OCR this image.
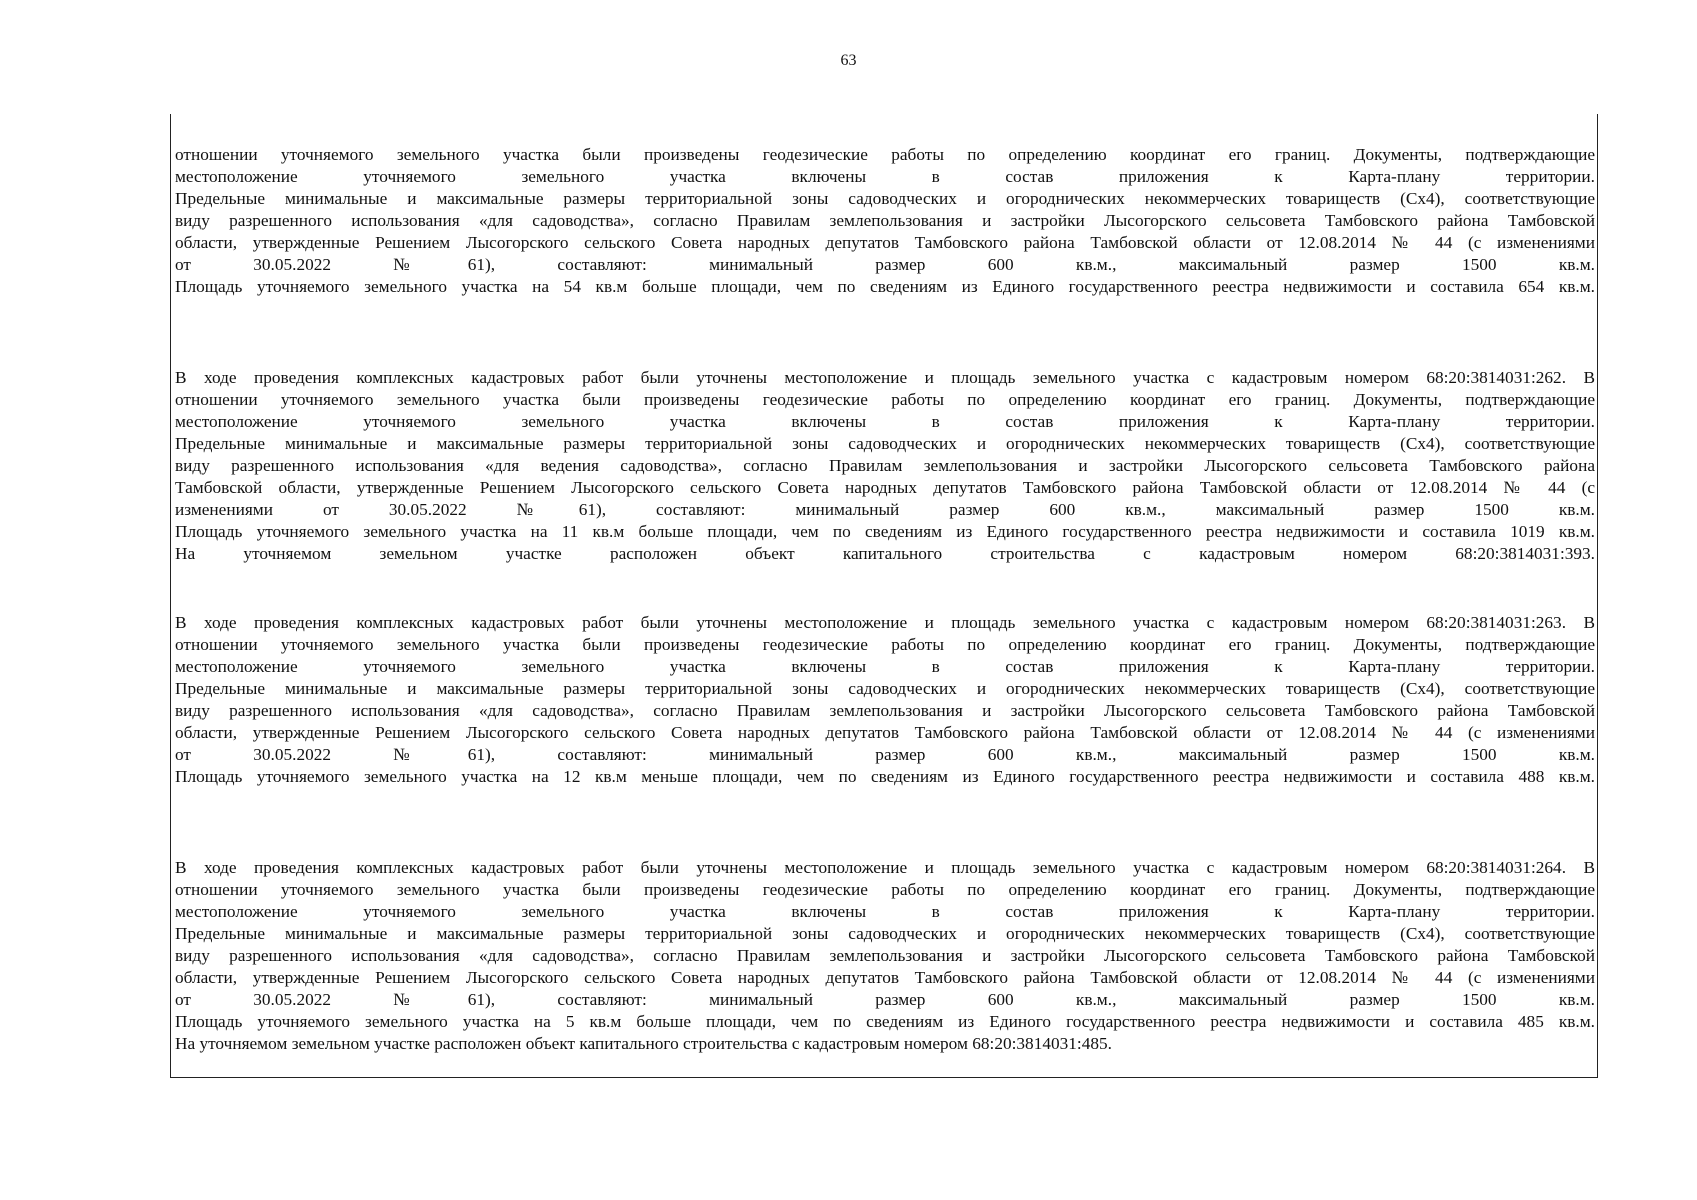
63
отношении уточняемого земельного участка были произведены геодезические работы по определению координат его границ. Документы, подтверждающие
местоположение уточняемого земельного участка включены в состав приложения к Карта-плану территории.
Предельные минимальные и максимальные размеры территориальной зоны садоводческих и огороднических некоммерческих товариществ (Сх4), соответствующие
виду разрешенного использования «для садоводства», согласно Правилам землепользования и застройки Лысогорского сельсовета Тамбовского района Тамбовской
области, утвержденные Решением Лысогорского сельского Совета народных депутатов Тамбовского района Тамбовской области от 12.08.2014 № 44 (с изменениями
от 30.05.2022 №61), составляют: минимальный размер 600 кв.м., максимальный размер 1500 кв.м.
Площадь уточняемого земельного участка на 54 кв.м больше площади, чем по сведениям из Единого государственного реестра недвижимости и составила 654 кв.м.
В ходе проведения комплексных кадастровых работ были уточнены местоположение и площадь земельного участка с кадастровым номером 68:20:3814031:262. В
отношении уточняемого земельного участка были произведены геодезические работы по определению координат его границ. Документы, подтверждающие
местоположение уточняемого земельного участка включены в состав приложения к Карта-плану территории.
Предельные минимальные и максимальные размеры территориальной зоны садоводческих и огороднических некоммерческих товариществ (Сх4), соответствующие
виду разрешенного использования «для ведения садоводства», согласно Правилам землепользования и застройки Лысогорского сельсовета Тамбовского района
Тамбовской области, утвержденные Решением Лысогорского сельского Совета народных депутатов Тамбовского района Тамбовской области от 12.08.2014 № 44 (с
изменениями от 30.05.2022 №61), составляют: минимальный размер 600 кв.м., максимальный размер 1500 кв.м.
Площадь уточняемого земельного участка на 11 кв.м больше площади, чем по сведениям из Единого государственного реестра недвижимости и составила 1019 кв.м.
На уточняемом земельном участке расположен объект капитального строительства с кадастровым номером 68:20:3814031:393.
В ходе проведения комплексных кадастровых работ были уточнены местоположение и площадь земельного участка с кадастровым номером 68:20:3814031:263. В
отношении уточняемого земельного участка были произведены геодезические работы по определению координат его границ. Документы, подтверждающие
местоположение уточняемого земельного участка включены в состав приложения к Карта-плану территории.
Предельные минимальные и максимальные размеры территориальной зоны садоводческих и огороднических некоммерческих товариществ (Сх4), соответствующие
виду разрешенного использования «для садоводства», согласно Правилам землепользования и застройки Лысогорского сельсовета Тамбовского района Тамбовской
области, утвержденные Решением Лысогорского сельского Совета народных депутатов Тамбовского района Тамбовской области от 12.08.2014 № 44 (с изменениями
от 30.05.2022 №61), составляют: минимальный размер 600 кв.м., максимальный размер 1500 кв.м.
Площадь уточняемого земельного участка на 12 кв.м меньше площади, чем по сведениям из Единого государственного реестра недвижимости и составила 488 кв.м.
В ходе проведения комплексных кадастровых работ были уточнены местоположение и площадь земельного участка с кадастровым номером 68:20:3814031:264. В
отношении уточняемого земельного участка были произведены геодезические работы по определению координат его границ. Документы, подтверждающие
местоположение уточняемого земельного участка включены в состав приложения к Карта-плану территории.
Предельные минимальные и максимальные размеры территориальной зоны садоводческих и огороднических некоммерческих товариществ (Сх4), соответствующие
виду разрешенного использования «для садоводства», согласно Правилам землепользования и застройки Лысогорского сельсовета Тамбовского района Тамбовской
области, утвержденные Решением Лысогорского сельского Совета народных депутатов Тамбовского района Тамбовской области от 12.08.2014 № 44 (с изменениями
от 30.05.2022 №61), составляют: минимальный размер 600 кв.м., максимальный размер 1500 кв.м.
Площадь уточняемого земельного участка на 5 кв.м больше площади, чем по сведениям из Единого государственного реестра недвижимости и составила 485 кв.м.
На уточняемом земельном участке расположен объект капитального строительства с кадастровым номером 68:20:3814031:485.
